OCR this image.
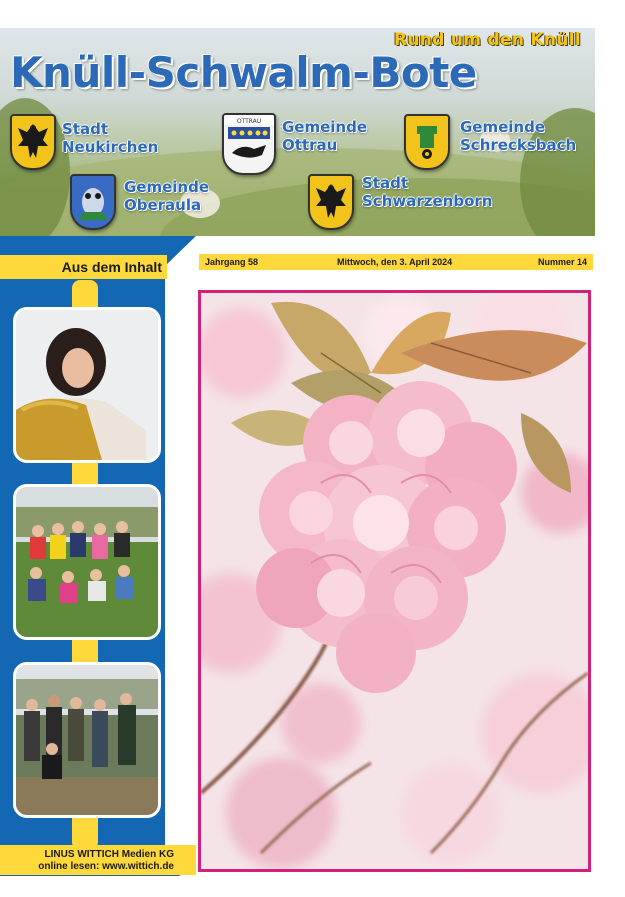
Rund um den Knüll
Knüll-Schwalm-Bote
Stadt
Neukirchen
OTTRAU Gemeinde
Ottrau
Gemeinde
Schrecksbach
Gemeinde
Oberaula
Stadt
Schwarzenborn
Aus dem Inhalt
LINUS WITTICH Medien KG
online lesen: www.wittich.de
Jahrgang 58	Mittwoch, den 3. April 2024	Nummer 14
